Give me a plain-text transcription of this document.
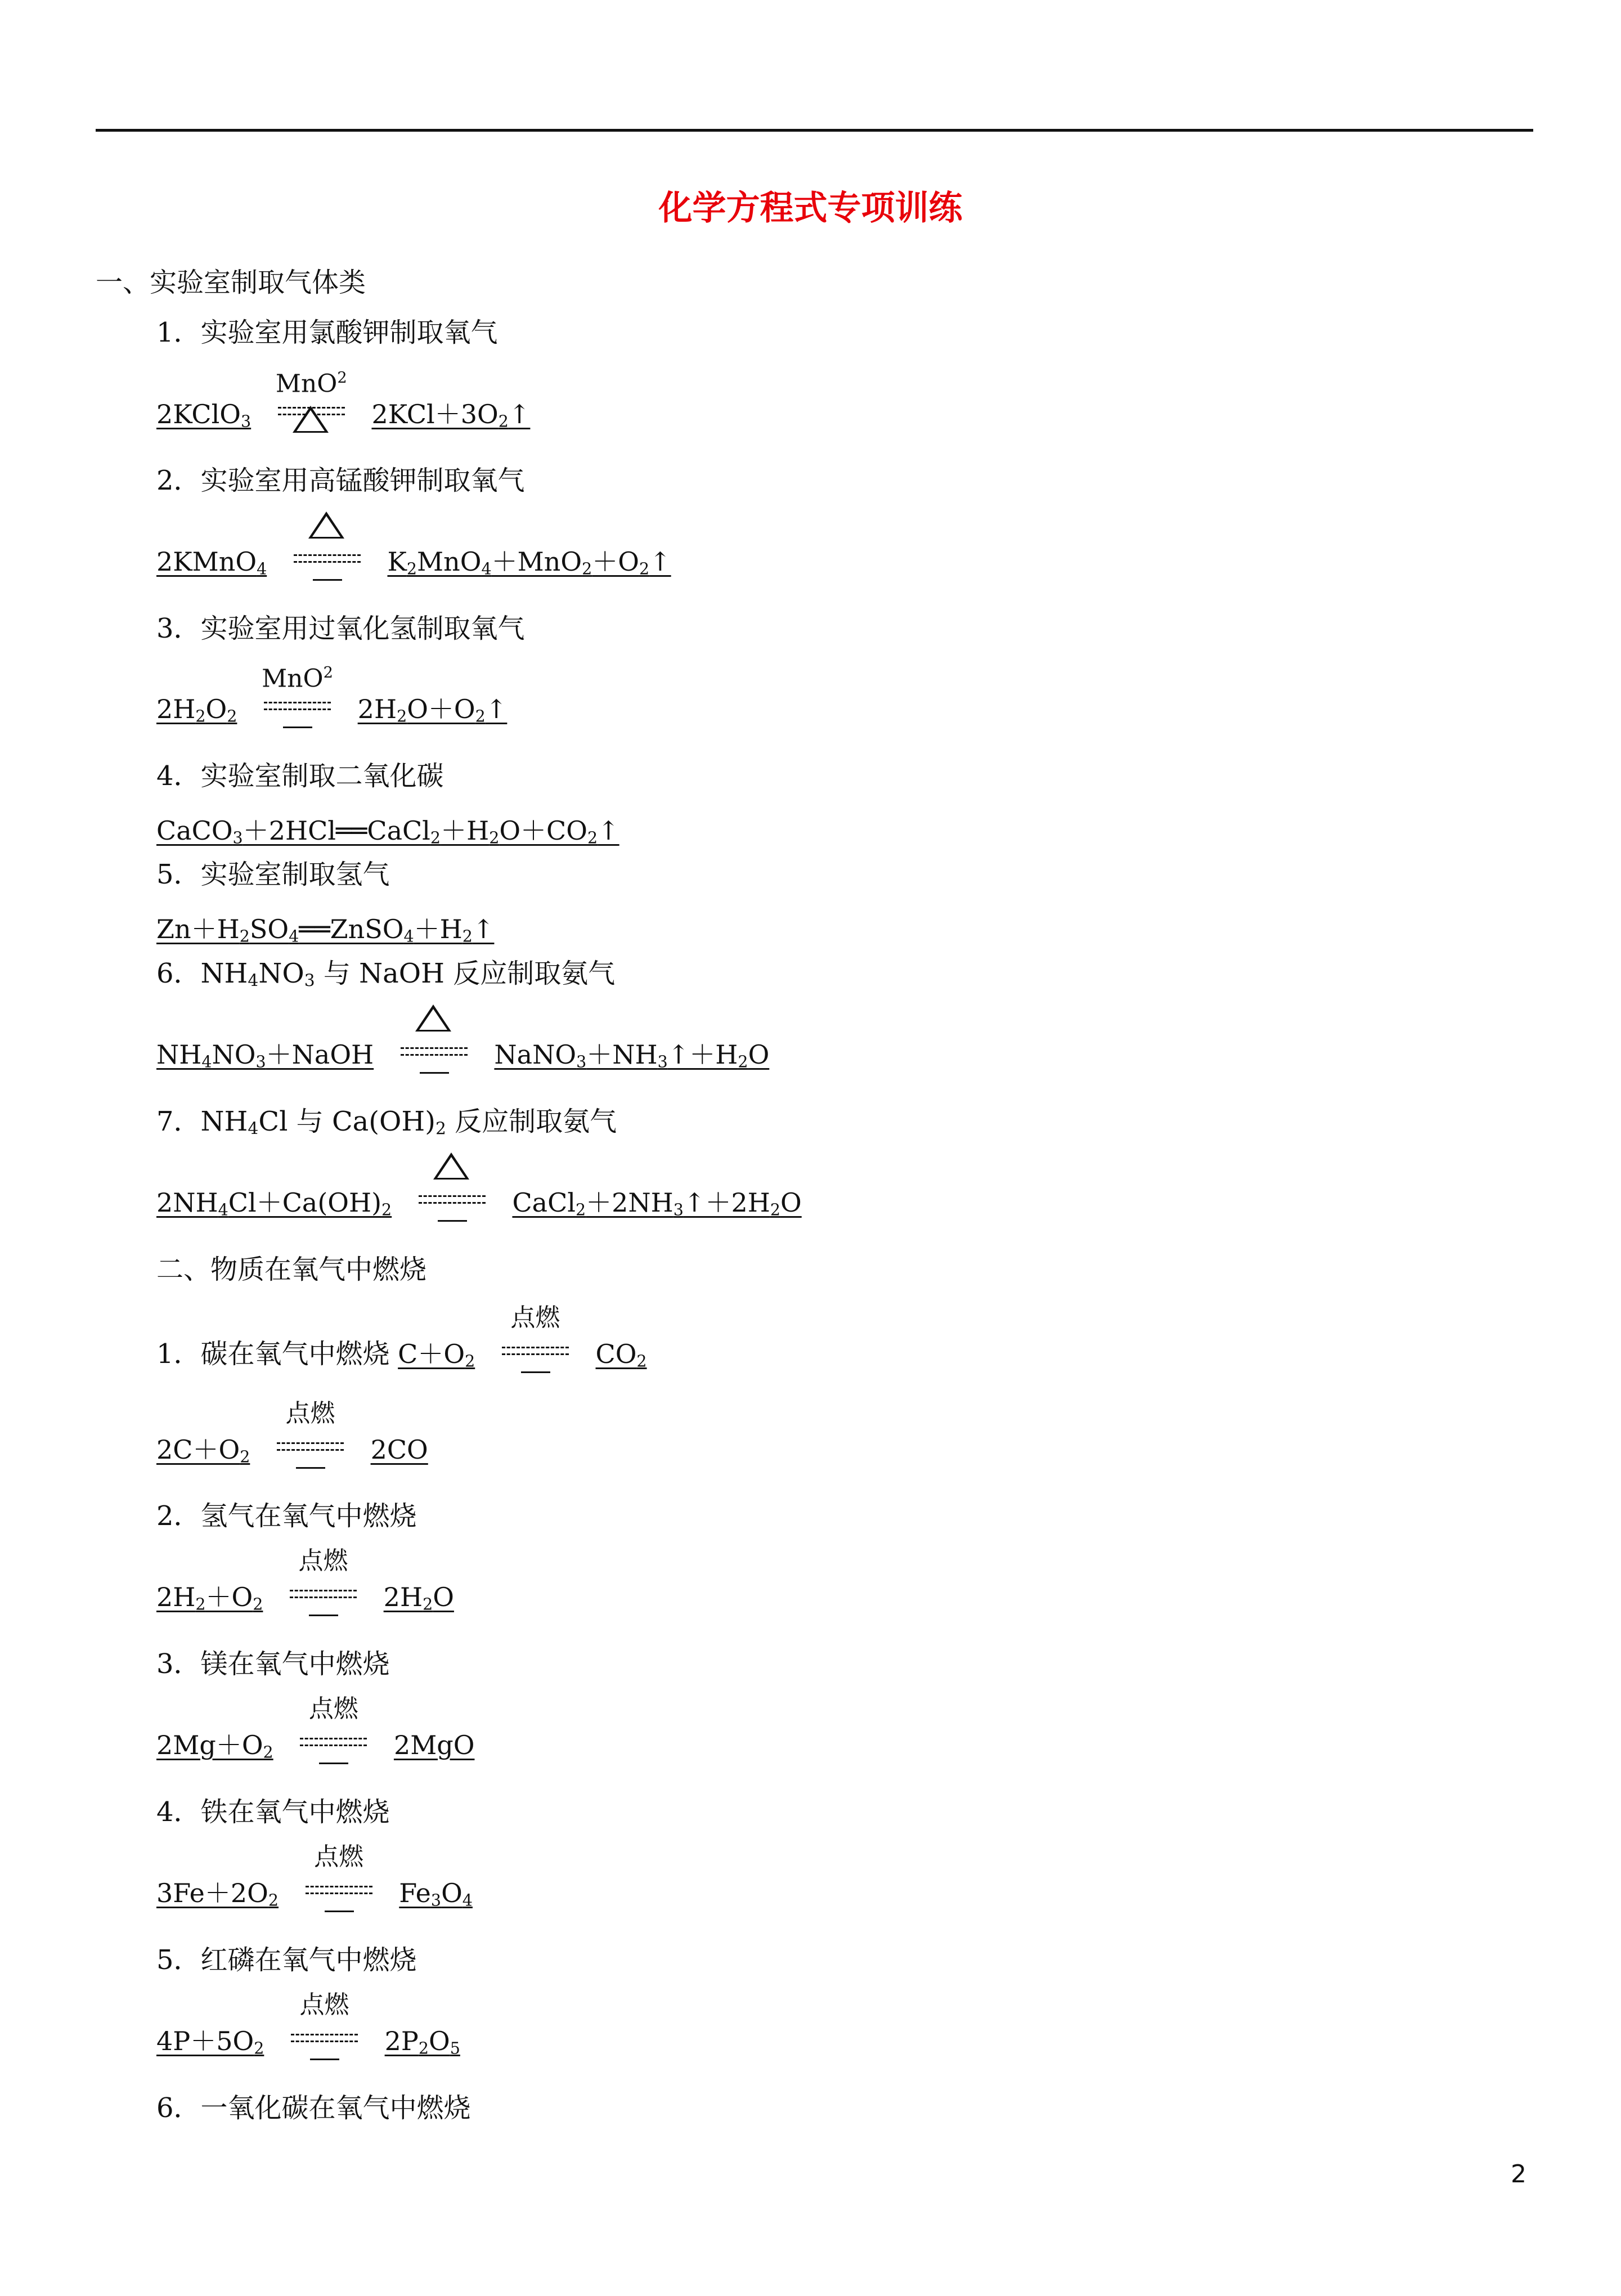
化学方程式专项训练
一、实验室制取气体类
1．实验室用氯酸钾制取氧气
2KClO$_3$
MnO$^2$
$2KCl+3O_2↑$
2．实验室用高锰酸钾制取氧气
2KMnO$_4$	$K_2MnO_4+MnO_2+O_2↑$
3．实验室用过氧化氢制取氧气
$2H_2O_2$
MnO$^2$
$2H_2O+O_2↑$
4．实验室制取二氧化碳
$CaCO_3+2HCl══CaCl_2+H_2O+CO_2↑$
5．实验室制取氢气
$Zn+H_2SO_4══ZnSO_4+H_2↑$
6．$NH_4NO_3$ 与 NaOH 反应制取氨气
$NH_4NO_3+NaOH$	$NaNO_3+NH_3↑+H_2O$
7．$NH_4Cl$ 与 $Ca(OH)_2$ 反应制取氨气
$2NH_4Cl+Ca(OH)_2$	$CaCl_2+2NH_3↑+2H_2O$
二、物质在氧气中燃烧
1．碳在氧气中燃烧 $C+O_2$
点燃
$CO_2$
$2C+O_2$
点燃
2CO
2．氢气在氧气中燃烧
$2H_2+O_2$
点燃
$2H_2O$
3．镁在氧气中燃烧
$2Mg+O_2$
点燃
2MgO
4．铁在氧气中燃烧
$3Fe+2O_2$
点燃
$Fe_3O_4$
5．红磷在氧气中燃烧
$4P+5O_2$
点燃
$2P_2O_5$
6．一氧化碳在氧气中燃烧
2
